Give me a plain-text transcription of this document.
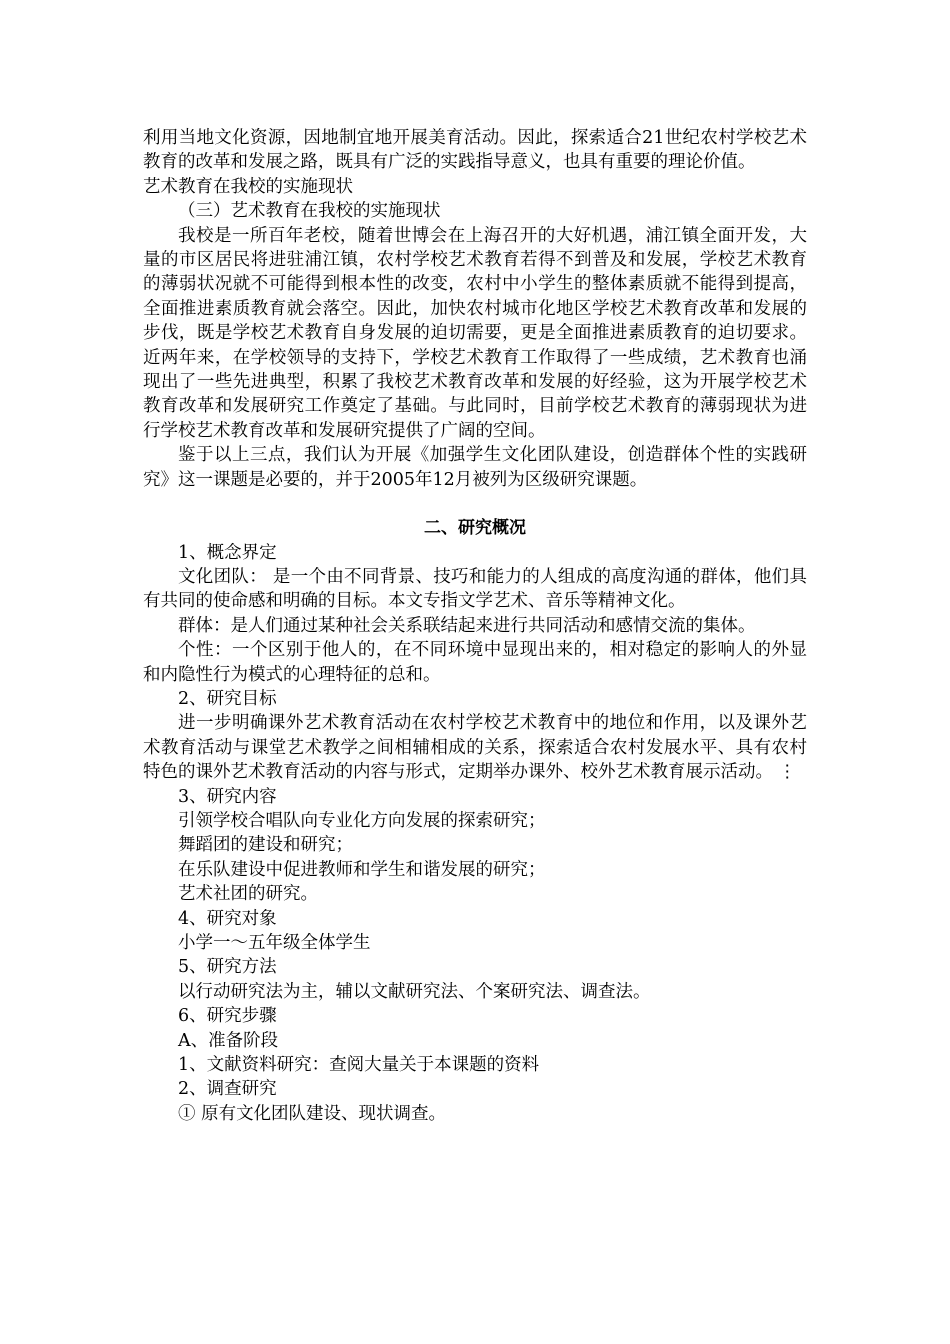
利用当地文化资源，因地制宜地开展美育活动。因此，探索适合21世纪农村学校艺术教育的改革和发展之路，既具有广泛的实践指导意义，也具有重要的理论价值。

艺术教育在我校的实施现状

（三）艺术教育在我校的实施现状

我校是一所百年老校，随着世博会在上海召开的大好机遇，浦江镇全面开发，大量的市区居民将进驻浦江镇，农村学校艺术教育若得不到普及和发展，学校艺术教育的薄弱状况就不可能得到根本性的改变，农村中小学生的整体素质就不能得到提高，全面推进素质教育就会落空。因此，加快农村城市化地区学校艺术教育改革和发展的步伐，既是学校艺术教育自身发展的迫切需要，更是全面推进素质教育的迫切要求。近两年来，在学校领导的支持下，学校艺术教育工作取得了一些成绩，艺术教育也涌现出了一些先进典型，积累了我校艺术教育改革和发展的好经验，这为开展学校艺术教育改革和发展研究工作奠定了基础。与此同时，目前学校艺术教育的薄弱现状为进行学校艺术教育改革和发展研究提供了广阔的空间。

鉴于以上三点，我们认为开展《加强学生文化团队建设，创造群体个性的实践研究》这一课题是必要的，并于2005年12月被列为区级研究课题。

二、研究概况

1、概念界定

文化团队： 是一个由不同背景、技巧和能力的人组成的高度沟通的群体，他们具有共同的使命感和明确的目标。本文专指文学艺术、音乐等精神文化。

群体：是人们通过某种社会关系联结起来进行共同活动和感情交流的集体。

个性：一个区别于他人的，在不同环境中显现出来的，相对稳定的影响人的外显和内隐性行为模式的心理特征的总和。

2、研究目标

进一步明确课外艺术教育活动在农村学校艺术教育中的地位和作用，以及课外艺术教育活动与课堂艺术教学之间相辅相成的关系，探索适合农村发展水平、具有农村特色的课外艺术教育活动的内容与形式，定期举办课外、校外艺术教育展示活动。 ⋮

3、研究内容

引领学校合唱队向专业化方向发展的探索研究；

舞蹈团的建设和研究；

在乐队建设中促进教师和学生和谐发展的研究；

艺术社团的研究。

4、研究对象

小学一～五年级全体学生

5、研究方法

以行动研究法为主，辅以文献研究法、个案研究法、调查法。

6、研究步骤

A、准备阶段

1、文献资料研究：查阅大量关于本课题的资料

2、调查研究

① 原有文化团队建设、现状调查。
